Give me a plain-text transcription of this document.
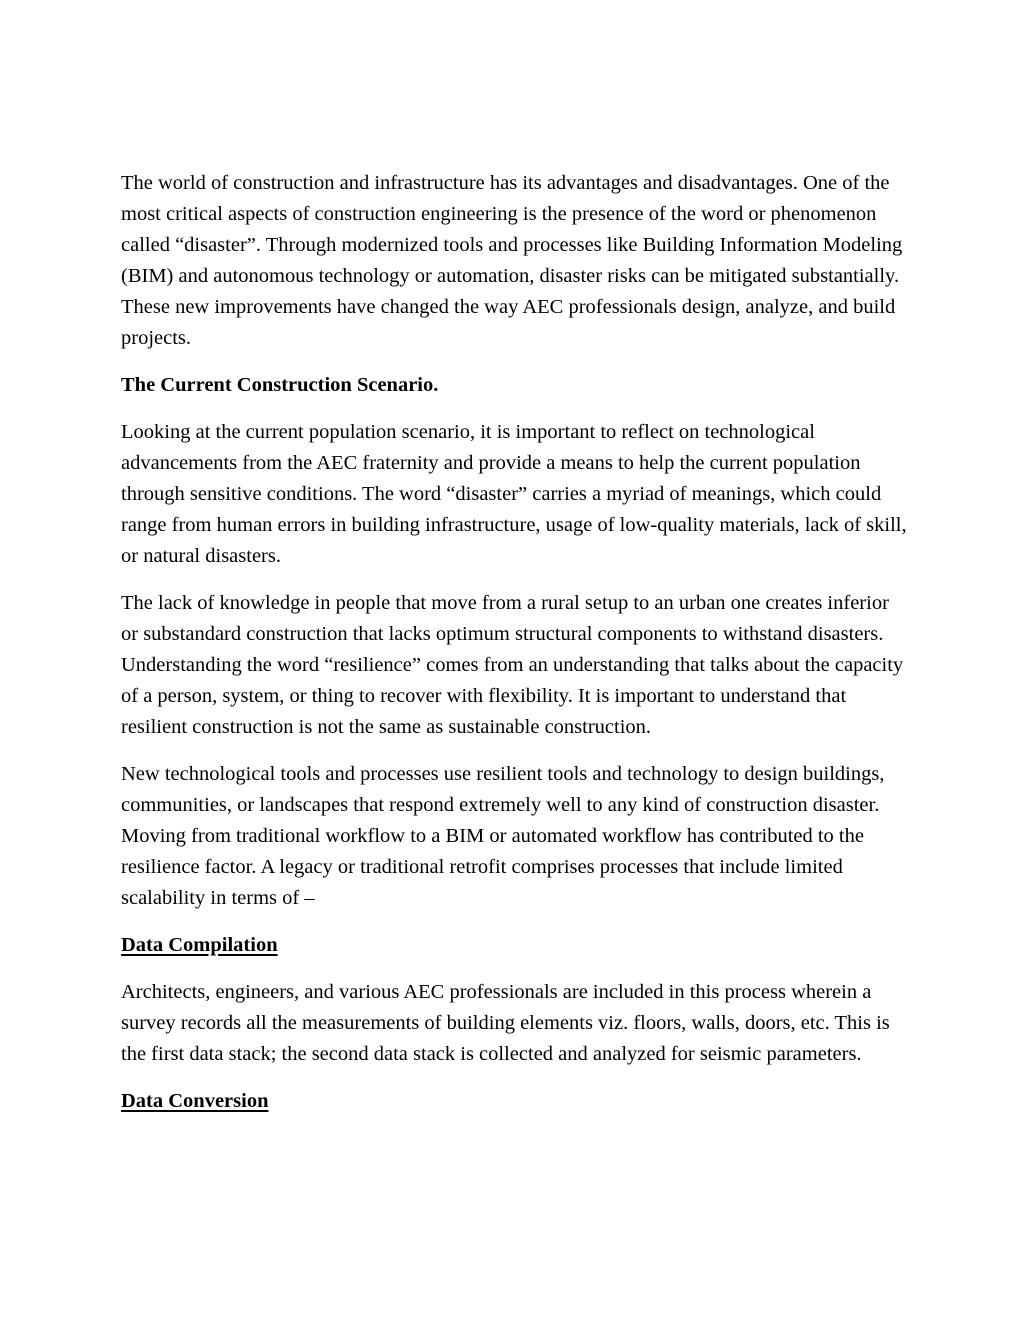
The world of construction and infrastructure has its advantages and disadvantages. One of the most critical aspects of construction engineering is the presence of the word or phenomenon called “disaster”. Through modernized tools and processes like Building Information Modeling (BIM) and autonomous technology or automation, disaster risks can be mitigated substantially. These new improvements have changed the way AEC professionals design, analyze, and build projects.

The Current Construction Scenario.

Looking at the current population scenario, it is important to reflect on technological advancements from the AEC fraternity and provide a means to help the current population through sensitive conditions. The word “disaster” carries a myriad of meanings, which could range from human errors in building infrastructure, usage of low-quality materials, lack of skill, or natural disasters.

The lack of knowledge in people that move from a rural setup to an urban one creates inferior or substandard construction that lacks optimum structural components to withstand disasters. Understanding the word “resilience” comes from an understanding that talks about the capacity of a person, system, or thing to recover with flexibility. It is important to understand that resilient construction is not the same as sustainable construction.

New technological tools and processes use resilient tools and technology to design buildings, communities, or landscapes that respond extremely well to any kind of construction disaster. Moving from traditional workflow to a BIM or automated workflow has contributed to the resilience factor. A legacy or traditional retrofit comprises processes that include limited scalability in terms of –

Data Compilation

Architects, engineers, and various AEC professionals are included in this process wherein a survey records all the measurements of building elements viz. floors, walls, doors, etc. This is the first data stack; the second data stack is collected and analyzed for seismic parameters.

Data Conversion
